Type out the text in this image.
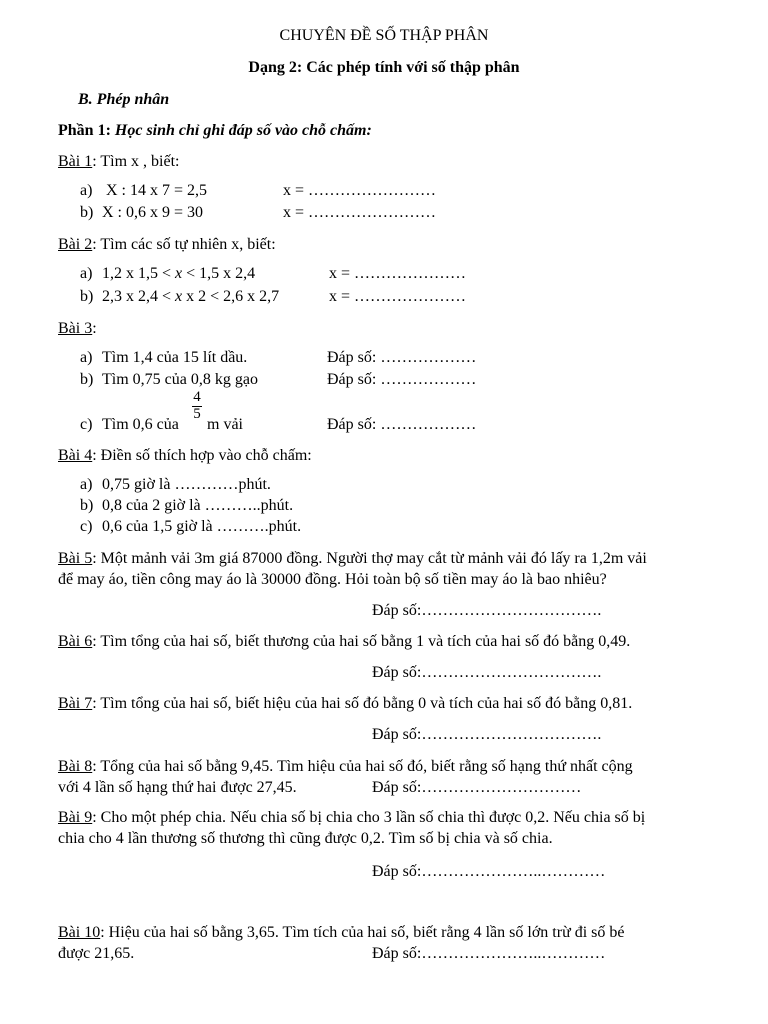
CHUYÊN ĐỀ SỐ THẬP PHÂN
Dạng 2: Các phép tính với số thập phân
B. Phép nhân
Phần 1: Học sinh chỉ ghi đáp số vào chỗ chấm:
Bài 1: Tìm x , biết:
a) X : 14 x 7 = 2,5	x = ……………………
b) X : 0,6 x 9 = 30	x = ……………………
Bài 2: Tìm các số tự nhiên x, biết:
a) 1,2 x 1,5 < x < 1,5 x 2,4	x = …………………
b) 2,3 x 2,4 < x x 2 < 2,6 x 2,7	x = …………………
Bài 3:
a) Tìm 1,4 của 15 lít dầu.	Đáp số: ………………
b) Tìm 0,75 của 0,8 kg gạo	Đáp số: ………………
c) Tìm 0,6 của
4
5
m vải	Đáp số: ………………
Bài 4: Điền số thích hợp vào chỗ chấm:
a) 0,75 giờ là …………phút.
b) 0,8 của 2 giờ là ………..phút.
c) 0,6 của 1,5 giờ là ……….phút.
Bài 5: Một mảnh vải 3m giá 87000 đồng. Người thợ may cắt từ mảnh vải đó lấy ra 1,2m vải
để may áo, tiền công may áo là 30000 đồng. Hỏi toàn bộ số tiền may áo là bao nhiêu?
Đáp số:…………………………….
Bài 6: Tìm tổng của hai số, biết thương của hai số bằng 1 và tích của hai số đó bằng 0,49.
Đáp số:…………………………….
Bài 7: Tìm tổng của hai số, biết hiệu của hai số đó bằng 0 và tích của hai số đó bằng 0,81.
Đáp số:…………………………….
Bài 8: Tổng của hai số bằng 9,45. Tìm hiệu của hai số đó, biết rằng số hạng thứ nhất cộng
với 4 lần số hạng thứ hai được 27,45.	Đáp số:…………………………
Bài 9: Cho một phép chia. Nếu chia số bị chia cho 3 lần số chia thì được 0,2. Nếu chia số bị
chia cho 4 lần thương số thương thì cũng được 0,2. Tìm số bị chia và số chia.
Đáp số:…………………..…………
Bài 10: Hiệu của hai số bằng 3,65. Tìm tích của hai số, biết rằng 4 lần số lớn trừ đi số bé
được 21,65.	Đáp số:…………………..…………
